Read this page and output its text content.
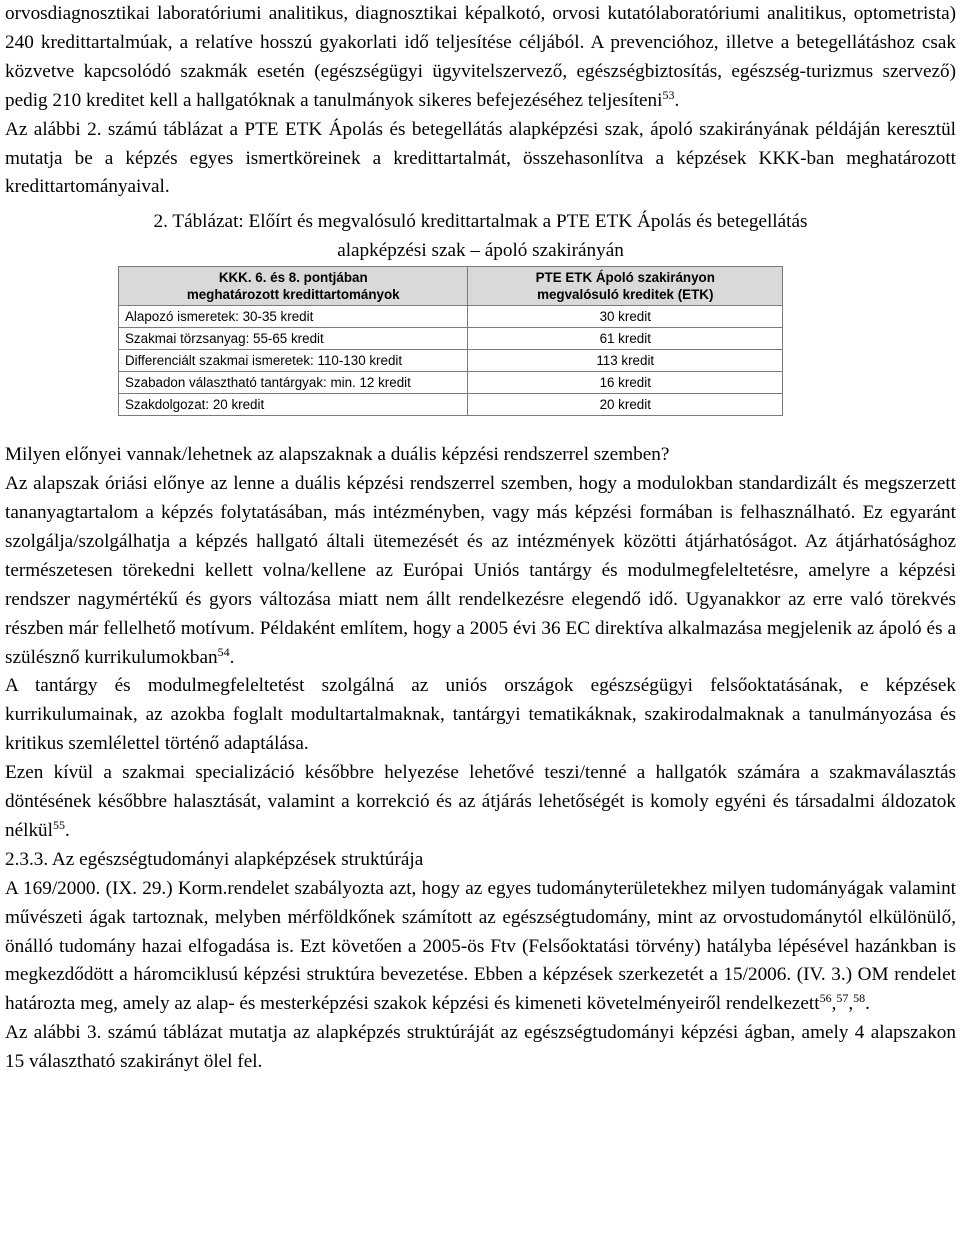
orvosdiagnosztikai laboratóriumi analitikus, diagnosztikai képalkotó, orvosi kutatólaboratóriumi analitikus, optometrista) 240 kredittartalmúak, a relatíve hosszú gyakorlati idő teljesítése céljából. A prevencióhoz, illetve a betegellátáshoz csak közvetve kapcsolódó szakmák esetén (egészségügyi ügyvitelszervező, egészségbiztosítás, egészség-turizmus szervező) pedig 210 kreditet kell a hallgatóknak a tanulmányok sikeres befejezéséhez teljesíteni$^{53}$.

Az alábbi 2. számú táblázat a PTE ETK Ápolás és betegellátás alapképzési szak, ápoló szakirányának példáján keresztül mutatja be a képzés egyes ismertköreinek a kredittartalmát, összehasonlítva a képzések KKK-ban meghatározott kredittartományaival.

2. Táblázat: Előírt és megvalósuló kredittartalmak a PTE ETK Ápolás és betegellátás
alapképzési szak – ápoló szakirányán
KKK. 6. és 8. pontjában
meghatározott kredittartományok	PTE ETK Ápoló szakirányon
megvalósuló kreditek (ETK)
Alapozó ismeretek: 30-35 kredit	30 kredit
Szakmai törzsanyag: 55-65 kredit	61 kredit
Differenciált szakmai ismeretek: 110-130 kredit	113 kredit
Szabadon választható tantárgyak: min. 12 kredit	16 kredit
Szakdolgozat: 20 kredit	20 kredit

Milyen előnyei vannak/lehetnek az alapszaknak a duális képzési rendszerrel szemben?

Az alapszak óriási előnye az lenne a duális képzési rendszerrel szemben, hogy a modulokban standardizált és megszerzett tananyagtartalom a képzés folytatásában, más intézményben, vagy más képzési formában is felhasználható. Ez egyaránt szolgálja/szolgálhatja a képzés hallgató általi ütemezését és az intézmények közötti átjárhatóságot. Az átjárhatósághoz természetesen törekedni kellett volna/kellene az Európai Uniós tantárgy és modulmegfeleltetésre, amelyre a képzési rendszer nagymértékű és gyors változása miatt nem állt rendelkezésre elegendő idő. Ugyanakkor az erre való törekvés részben már fellelhető motívum. Példaként említem, hogy a 2005 évi 36 EC direktíva alkalmazása megjelenik az ápoló és a szülésznő kurrikulumokban$^{54}$.

A tantárgy és modulmegfeleltetést szolgálná az uniós országok egészségügyi felsőoktatásának, e képzések kurrikulumainak, az azokba foglalt modultartalmaknak, tantárgyi tematikáknak, szakirodalmaknak a tanulmányozása és kritikus szemlélettel történő adaptálása.

Ezen kívül a szakmai specializáció későbbre helyezése lehetővé teszi/tenné a hallgatók számára a szakmaválasztás döntésének későbbre halasztását, valamint a korrekció és az átjárás lehetőségét is komoly egyéni és társadalmi áldozatok nélkül$^{55}$.

2.3.3. Az egészségtudományi alapképzések struktúrája

A 169/2000. (IX. 29.) Korm.rendelet szabályozta azt, hogy az egyes tudományterületekhez milyen tudományágak valamint művészeti ágak tartoznak, melyben mérföldkőnek számított az egészségtudomány, mint az orvostudománytól elkülönülő, önálló tudomány hazai elfogadása is. Ezt követően a 2005-ös Ftv (Felsőoktatási törvény) hatályba lépésével hazánkban is megkezdődött a háromciklusú képzési struktúra bevezetése. Ebben a képzések szerkezetét a 15/2006. (IV. 3.) OM rendelet határozta meg, amely az alap- és mesterképzési szakok képzési és kimeneti követelményeiről rendelkezett$^{56}$,$^{57}$,$^{58}$.

Az alábbi 3. számú táblázat mutatja az alapképzés struktúráját az egészségtudományi képzési ágban, amely 4 alapszakon 15 választható szakirányt ölel fel.
